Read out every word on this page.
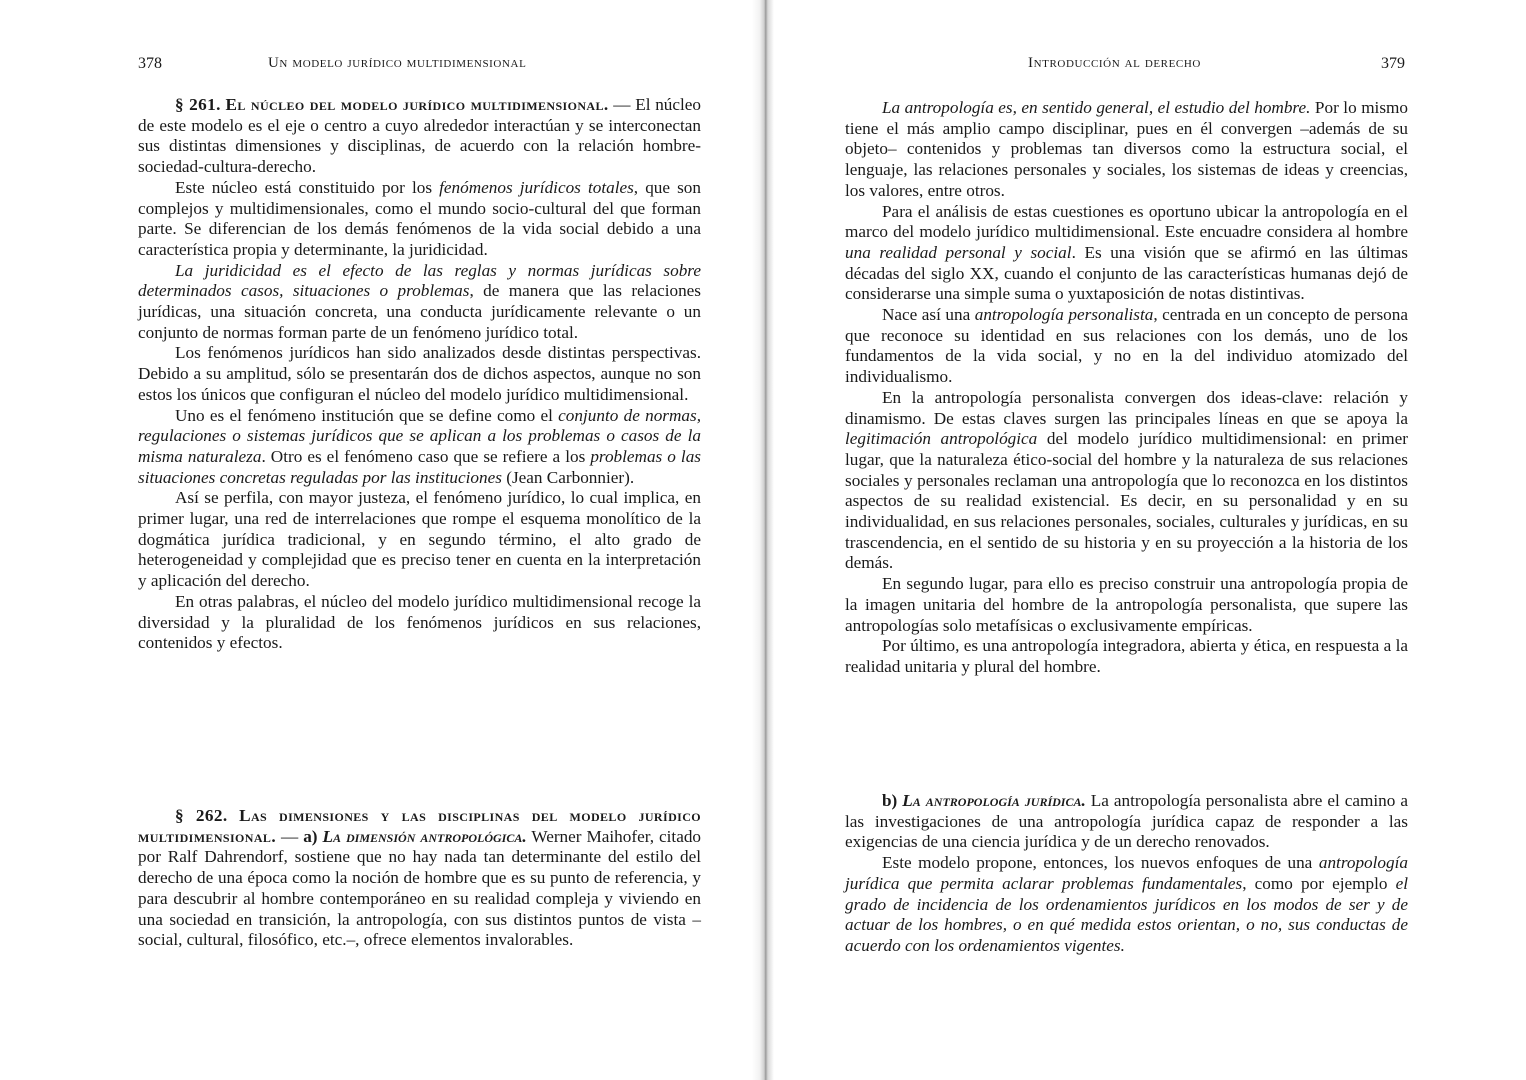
378	Un modelo jurídico multidimensional

§ 261. El núcleo del modelo jurídico multidimensional. — El núcleo de este modelo es el eje o centro a cuyo alrededor interactúan y se interconectan sus distintas dimensiones y disciplinas, de acuerdo con la relación hombre-sociedad-cultura-derecho.

Este núcleo está constituido por los fenómenos jurídicos totales, que son complejos y multidimensionales, como el mundo socio-cultural del que forman parte. Se diferencian de los demás fenómenos de la vida social debido a una característica propia y determinante, la juridicidad.

La juridicidad es el efecto de las reglas y normas jurídicas sobre determinados casos, situaciones o problemas, de manera que las relaciones jurídicas, una situación concreta, una conducta jurídicamente relevante o un conjunto de normas forman parte de un fenómeno jurídico total.

Los fenómenos jurídicos han sido analizados desde distintas perspectivas. Debido a su amplitud, sólo se presentarán dos de dichos aspectos, aunque no son estos los únicos que configuran el núcleo del modelo jurídico multidimensional.

Uno es el fenómeno institución que se define como el conjunto de normas, regulaciones o sistemas jurídicos que se aplican a los problemas o casos de la misma naturaleza. Otro es el fenómeno caso que se refiere a los problemas o las situaciones concretas reguladas por las instituciones (Jean Carbonnier).

Así se perfila, con mayor justeza, el fenómeno jurídico, lo cual implica, en primer lugar, una red de interrelaciones que rompe el esquema monolítico de la dogmática jurídica tradicional, y en segundo término, el alto grado de heterogeneidad y complejidad que es preciso tener en cuenta en la interpretación y aplicación del derecho.

En otras palabras, el núcleo del modelo jurídico multidimensional recoge la diversidad y la pluralidad de los fenómenos jurídicos en sus relaciones, contenidos y efectos.

§ 262. Las dimensiones y las disciplinas del modelo jurídico multidimensional. — a) La dimensión antropológica. Werner Maihofer, citado por Ralf Dahrendorf, sostiene que no hay nada tan determinante del estilo del derecho de una época como la noción de hombre que es su punto de referencia, y para descubrir al hombre contemporáneo en su realidad compleja y viviendo en una sociedad en transición, la antropología, con sus distintos puntos de vista –social, cultural, filosófico, etc.–, ofrece elementos invalorables.

Introducción al derecho	379

La antropología es, en sentido general, el estudio del hombre. Por lo mismo tiene el más amplio campo disciplinar, pues en él convergen –además de su objeto– contenidos y problemas tan diversos como la estructura social, el lenguaje, las relaciones personales y sociales, los sistemas de ideas y creencias, los valores, entre otros.

Para el análisis de estas cuestiones es oportuno ubicar la antropología en el marco del modelo jurídico multidimensional. Este encuadre considera al hombre una realidad personal y social. Es una visión que se afirmó en las últimas décadas del siglo XX, cuando el conjunto de las características humanas dejó de considerarse una simple suma o yuxtaposición de notas distintivas.

Nace así una antropología personalista, centrada en un concepto de persona que reconoce su identidad en sus relaciones con los demás, uno de los fundamentos de la vida social, y no en la del individuo atomizado del individualismo.

En la antropología personalista convergen dos ideas-clave: relación y dinamismo. De estas claves surgen las principales líneas en que se apoya la legitimación antropológica del modelo jurídico multidimensional: en primer lugar, que la naturaleza ético-social del hombre y la naturaleza de sus relaciones sociales y personales reclaman una antropología que lo reconozca en los distintos aspectos de su realidad existencial. Es decir, en su personalidad y en su individualidad, en sus relaciones personales, sociales, culturales y jurídicas, en su trascendencia, en el sentido de su historia y en su proyección a la historia de los demás.

En segundo lugar, para ello es preciso construir una antropología propia de la imagen unitaria del hombre de la antropología personalista, que supere las antropologías solo metafísicas o exclusivamente empíricas.

Por último, es una antropología integradora, abierta y ética, en respuesta a la realidad unitaria y plural del hombre.

b) La antropología jurídica. La antropología personalista abre el camino a las investigaciones de una antropología jurídica capaz de responder a las exigencias de una ciencia jurídica y de un derecho renovados.

Este modelo propone, entonces, los nuevos enfoques de una antropología jurídica que permita aclarar problemas fundamentales, como por ejemplo el grado de incidencia de los ordenamientos jurídicos en los modos de ser y de actuar de los hombres, o en qué medida estos orientan, o no, sus conductas de acuerdo con los ordenamientos vigentes.
